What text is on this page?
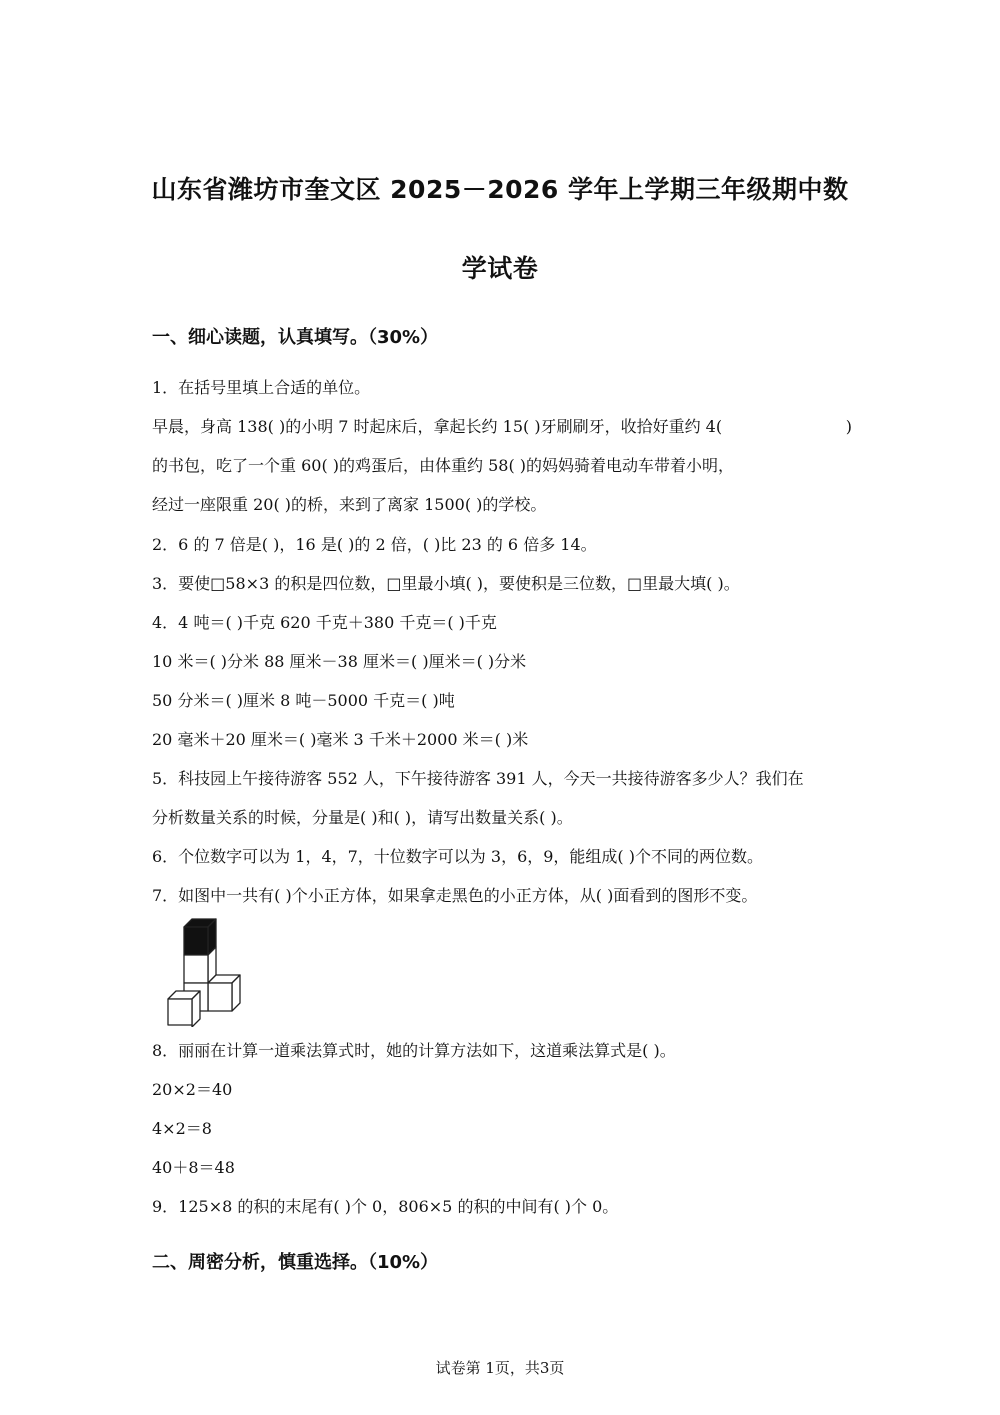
山东省潍坊市奎文区 2025－2026 学年上学期三年级期中数
学试卷
一、细心读题，认真填写。（30%）
1．在括号里填上合适的单位。
早晨，身高 138( )的小明 7 时起床后，拿起长约 15( )牙刷刷牙，收拾好重约 4(	)
的书包，吃了一个重 60( )的鸡蛋后，由体重约 58( )的妈妈骑着电动车带着小明，
经过一座限重 20( )的桥，来到了离家 1500( )的学校。
2．6 的 7 倍是( )，16 是( )的 2 倍，( )比 23 的 6 倍多 14。
3．要使□58×3 的积是四位数，□里最小填( )，要使积是三位数，□里最大填( )。
4．4 吨＝( )千克 620 千克＋380 千克＝( )千克
10 米＝( )分米 88 厘米－38 厘米＝( )厘米＝( )分米
50 分米＝( )厘米 8 吨－5000 千克＝( )吨
20 毫米＋20 厘米＝( )毫米 3 千米＋2000 米＝( )米
5．科技园上午接待游客 552 人，下午接待游客 391 人，今天一共接待游客多少人？我们在
分析数量关系的时候，分量是( )和( )，请写出数量关系( )。
6．个位数字可以为 1，4，7，十位数字可以为 3，6，9，能组成( )个不同的两位数。
7．如图中一共有( )个小正方体，如果拿走黑色的小正方体，从( )面看到的图形不变。
8．丽丽在计算一道乘法算式时，她的计算方法如下，这道乘法算式是( )。
20×2＝40
4×2＝8
40＋8＝48
9．125×8 的积的末尾有( )个 0，806×5 的积的中间有( )个 0。
二、周密分析，慎重选择。（10%）
试卷第 1页，共3页
